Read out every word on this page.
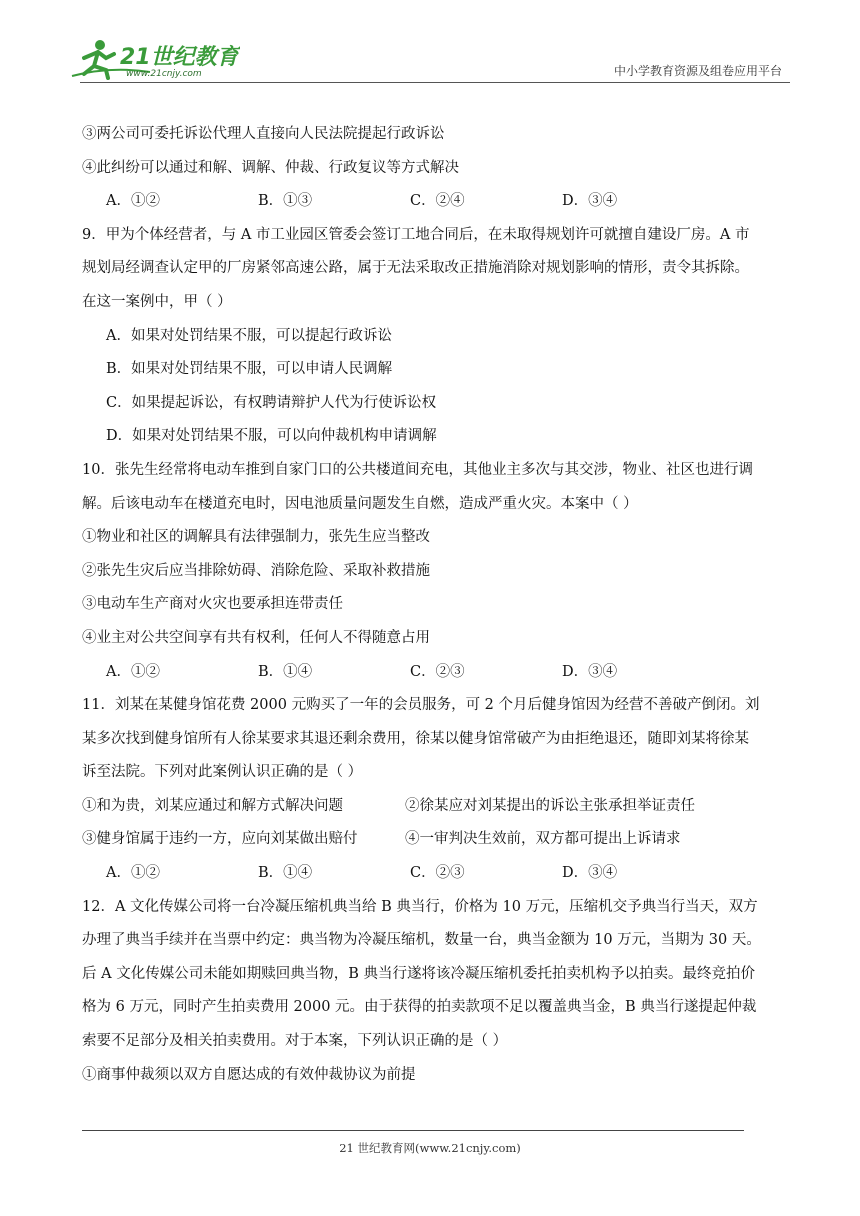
21世纪教育
www.21cnjy.com	中小学教育资源及组卷应用平台
③两公司可委托诉讼代理人直接向人民法院提起行政诉讼
④此纠纷可以通过和解、调解、仲裁、行政复议等方式解决
A．①②	B．①③	C．②④	D．③④
9．甲为个体经营者，与 A 市工业园区管委会签订工地合同后，在未取得规划许可就擅自建设厂房。A 市
规划局经调查认定甲的厂房紧邻高速公路，属于无法采取改正措施消除对规划影响的情形，责令其拆除。
在这一案例中，甲（ ）
A．如果对处罚结果不服，可以提起行政诉讼
B．如果对处罚结果不服，可以申请人民调解
C．如果提起诉讼，有权聘请辩护人代为行使诉讼权
D．如果对处罚结果不服，可以向仲裁机构申请调解
10．张先生经常将电动车推到自家门口的公共楼道间充电，其他业主多次与其交涉，物业、社区也进行调
解。后该电动车在楼道充电时，因电池质量问题发生自燃，造成严重火灾。本案中（ ）
①物业和社区的调解具有法律强制力，张先生应当整改
②张先生灾后应当排除妨碍、消除危险、采取补救措施
③电动车生产商对火灾也要承担连带责任
④业主对公共空间享有共有权利，任何人不得随意占用
A．①②	B．①④	C．②③	D．③④
11．刘某在某健身馆花费 2000 元购买了一年的会员服务，可 2 个月后健身馆因为经营不善破产倒闭。刘
某多次找到健身馆所有人徐某要求其退还剩余费用，徐某以健身馆常破产为由拒绝退还，随即刘某将徐某
诉至法院。下列对此案例认识正确的是（ ）
①和为贵，刘某应通过和解方式解决问题	②徐某应对刘某提出的诉讼主张承担举证责任
③健身馆属于违约一方，应向刘某做出赔付	④一审判决生效前，双方都可提出上诉请求
A．①②	B．①④	C．②③	D．③④
12．A 文化传媒公司将一台冷凝压缩机典当给 B 典当行，价格为 10 万元，压缩机交予典当行当天，双方
办理了典当手续并在当票中约定：典当物为冷凝压缩机，数量一台，典当金额为 10 万元，当期为 30 天。
后 A 文化传媒公司未能如期赎回典当物，B 典当行遂将该冷凝压缩机委托拍卖机构予以拍卖。最终竞拍价
格为 6 万元，同时产生拍卖费用 2000 元。由于获得的拍卖款项不足以覆盖典当金，B 典当行遂提起仲裁
索要不足部分及相关拍卖费用。对于本案，下列认识正确的是（ ）
①商事仲裁须以双方自愿达成的有效仲裁协议为前提
21 世纪教育网(www.21cnjy.com)
